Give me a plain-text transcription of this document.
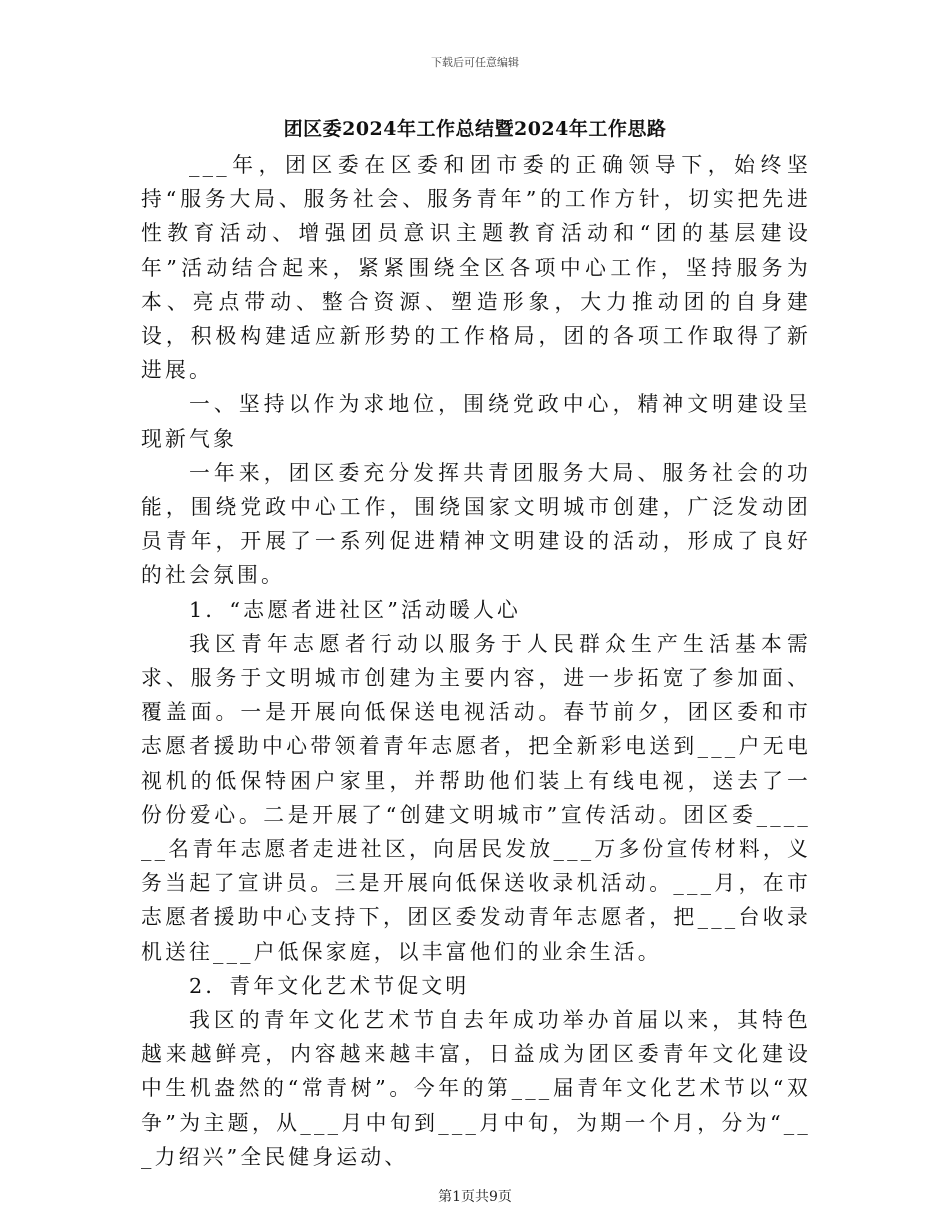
下载后可任意编辑
团区委2024年工作总结暨2024年工作思路

___年，团区委在区委和团市委的正确领导下，始终坚持“服务大局、服务社会、服务青年”的工作方针，切实把先进性教育活动、增强团员意识主题教育活动和“团的基层建设年”活动结合起来，紧紧围绕全区各项中心工作，坚持服务为本、亮点带动、整合资源、塑造形象，大力推动团的自身建设，积极构建适应新形势的工作格局，团的各项工作取得了新进展。

一、坚持以作为求地位，围绕党政中心，精神文明建设呈现新气象

一年来，团区委充分发挥共青团服务大局、服务社会的功能，围绕党政中心工作，围绕国家文明城市创建，广泛发动团员青年，开展了一系列促进精神文明建设的活动，形成了良好的社会氛围。

1．“志愿者进社区”活动暖人心

我区青年志愿者行动以服务于人民群众生产生活基本需求、服务于文明城市创建为主要内容，进一步拓宽了参加面、覆盖面。一是开展向低保送电视活动。春节前夕，团区委和市志愿者援助中心带领着青年志愿者，把全新彩电送到___户无电视机的低保特困户家里，并帮助他们装上有线电视，送去了一份份爱心。二是开展了“创建文明城市”宣传活动。团区委______名青年志愿者走进社区，向居民发放___万多份宣传材料，义务当起了宣讲员。三是开展向低保送收录机活动。___月，在市志愿者援助中心支持下，团区委发动青年志愿者，把___台收录机送往___户低保家庭，以丰富他们的业余生活。

2．青年文化艺术节促文明

我区的青年文化艺术节自去年成功举办首届以来，其特色越来越鲜亮，内容越来越丰富，日益成为团区委青年文化建设中生机盎然的“常青树”。今年的第___届青年文化艺术节以“双争”为主题，从___月中旬到___月中旬，为期一个月，分为“___力绍兴”全民健身运动、

第1页共9页
